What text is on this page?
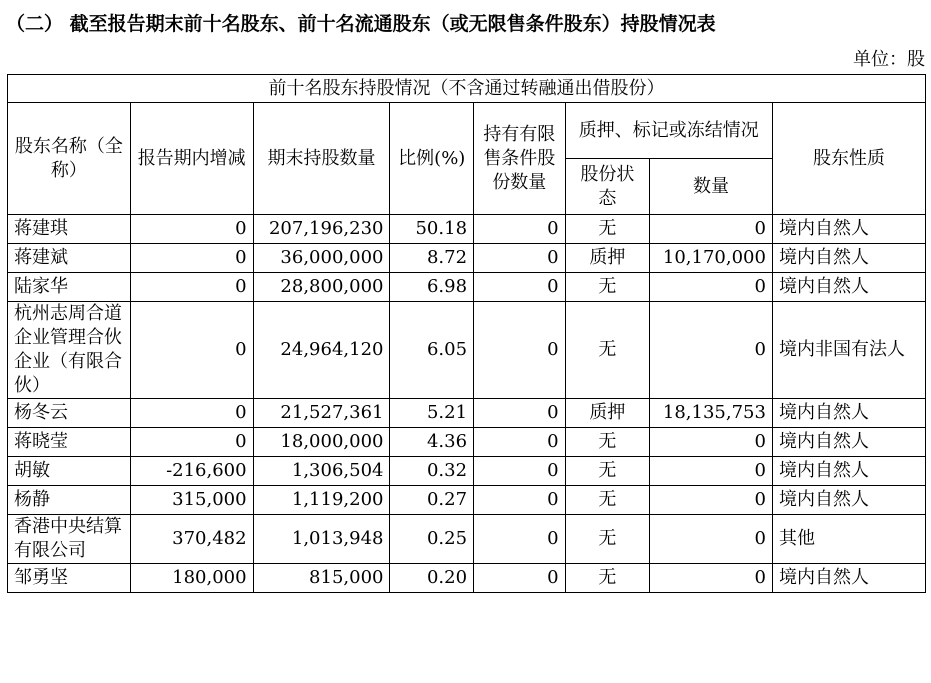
（二） 截至报告期末前十名股东、前十名流通股东（或无限售条件股东）持股情况表
单位：股
前十名股东持股情况（不含通过转融通出借股份）							
股东名称（全称）	报告期内增减	期末持股数量	比例(%)	持有有限售条件股份数量	质押、标记或冻结情况		股东性质
					股份状态	数量	
蒋建琪	0	207,196,230	50.18	0	无	0	境内自然人
蒋建斌	0	36,000,000	8.72	0	质押	10,170,000	境内自然人
陆家华	0	28,800,000	6.98	0	无	0	境内自然人
杭州志周合道企业管理合伙企业（有限合伙）	0	24,964,120	6.05	0	无	0	境内非国有法人
杨冬云	0	21,527,361	5.21	0	质押	18,135,753	境内自然人
蒋晓莹	0	18,000,000	4.36	0	无	0	境内自然人
胡敏	-216,600	1,306,504	0.32	0	无	0	境内自然人
杨静	315,000	1,119,200	0.27	0	无	0	境内自然人
香港中央结算有限公司	370,482	1,013,948	0.25	0	无	0	其他
邹勇坚	180,000	815,000	0.20	0	无	0	境内自然人
